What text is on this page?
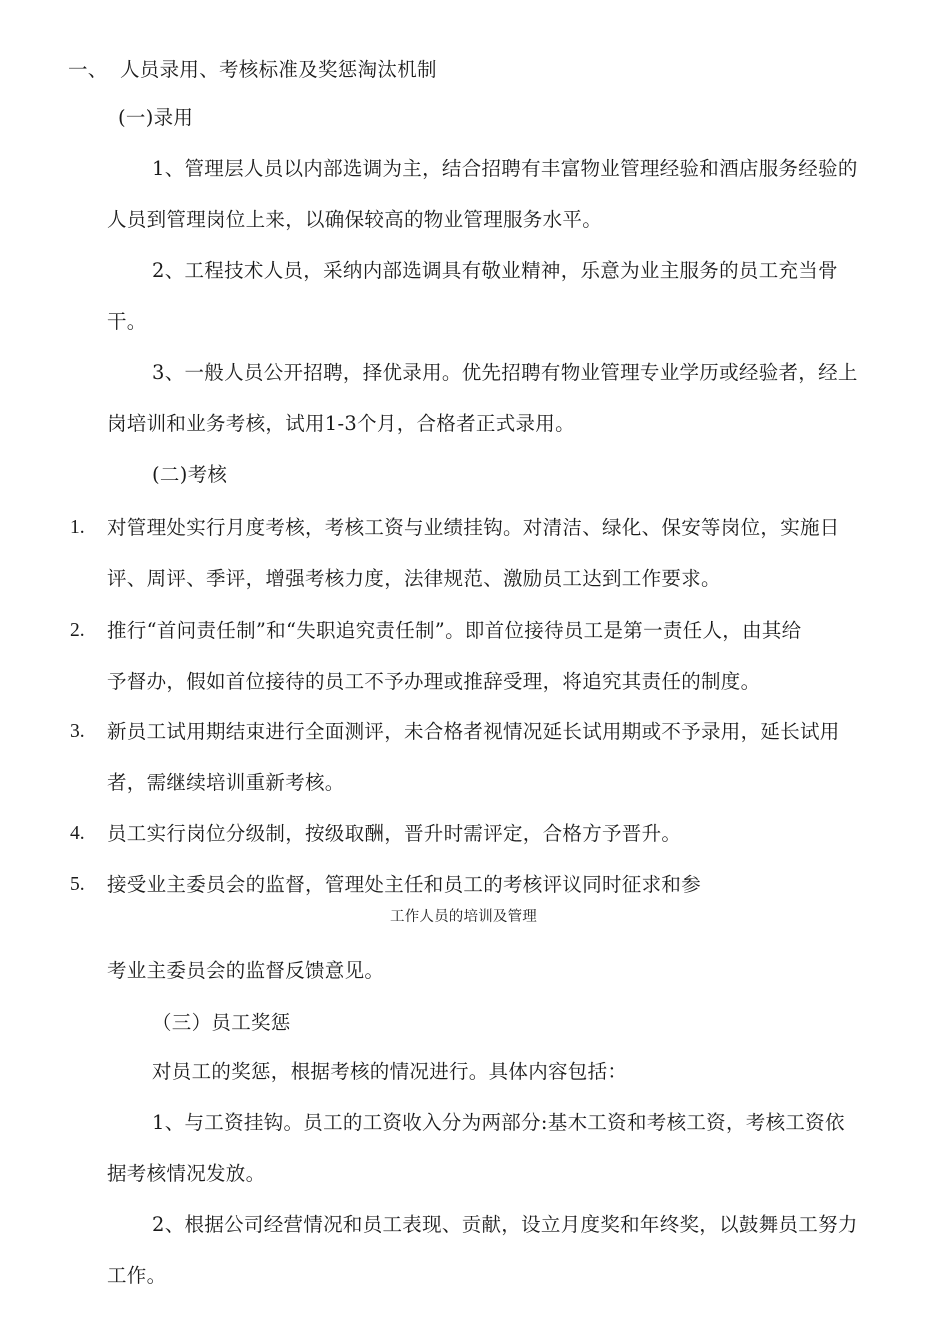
一、 人员录用、考核标准及奖惩淘汰机制
(一)录用
1、管理层人员以内部选调为主，结合招聘有丰富物业管理经验和酒店服务经验的
人员到管理岗位上来，以确保较高的物业管理服务水平。
2、工程技术人员，采纳内部选调具有敬业精神，乐意为业主服务的员工充当骨
干。
3、一般人员公开招聘，择优录用。优先招聘有物业管理专业学历或经验者，经上
岗培训和业务考核，试用1-3个月，合格者正式录用。
(二)考核
1. 对管理处实行月度考核，考核工资与业绩挂钩。对清洁、绿化、保安等岗位，实施日
评、周评、季评，增强考核力度，法律规范、激励员工达到工作要求。
2. 推行“首问责任制”和“失职追究责任制”。即首位接待员工是第一责任人，由其给
予督办，假如首位接待的员工不予办理或推辞受理，将追究其责任的制度。
3. 新员工试用期结束进行全面测评，未合格者视情况延长试用期或不予录用，延长试用
者，需继续培训重新考核。
4. 员工实行岗位分级制，按级取酬，晋升时需评定，合格方予晋升。
5. 接受业主委员会的监督，管理处主任和员工的考核评议同时征求和参
工作人员的培训及管理
考业主委员会的监督反馈意见。
（三）员工奖惩
对员工的奖惩，根据考核的情况进行。具体内容包括：
1、与工资挂钩。员工的工资收入分为两部分:基木工资和考核工资，考核工资依
据考核情况发放。
2、根据公司经营情况和员工表现、贡献，设立月度奖和年终奖，以鼓舞员工努力
工作。
